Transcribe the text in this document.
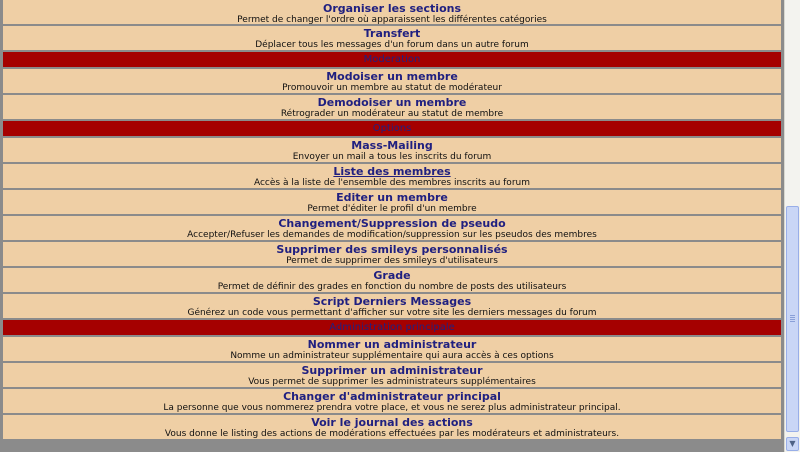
Organiser les sections
Permet de changer l'ordre où apparaissent les différentes catégories
Transfert
Déplacer tous les messages d'un forum dans un autre forum
Moderation
Modoiser un membre
Promouvoir un membre au statut de modérateur
Demodoiser un membre
Rétrograder un modérateur au statut de membre
Options
Mass-Mailing
Envoyer un mail a tous les inscrits du forum
Liste des membres
Accès à la liste de l'ensemble des membres inscrits au forum
Editer un membre
Permet d'éditer le profil d'un membre
Changement/Suppression de pseudo
Accepter/Refuser les demandes de modification/suppression sur les pseudos des membres
Supprimer des smileys personnalisés
Permet de supprimer des smileys d'utilisateurs
Grade
Permet de définir des grades en fonction du nombre de posts des utilisateurs
Script Derniers Messages
Générez un code vous permettant d'afficher sur votre site les derniers messages du forum
Administration principale
Nommer un administrateur
Nomme un administrateur supplémentaire qui aura accès à ces options
Supprimer un administrateur
Vous permet de supprimer les administrateurs supplémentaires
Changer d'administrateur principal
La personne que vous nommerez prendra votre place, et vous ne serez plus administrateur principal.
Voir le journal des actions
Vous donne le listing des actions de modérations effectuées par les modérateurs et administrateurs.
▼
